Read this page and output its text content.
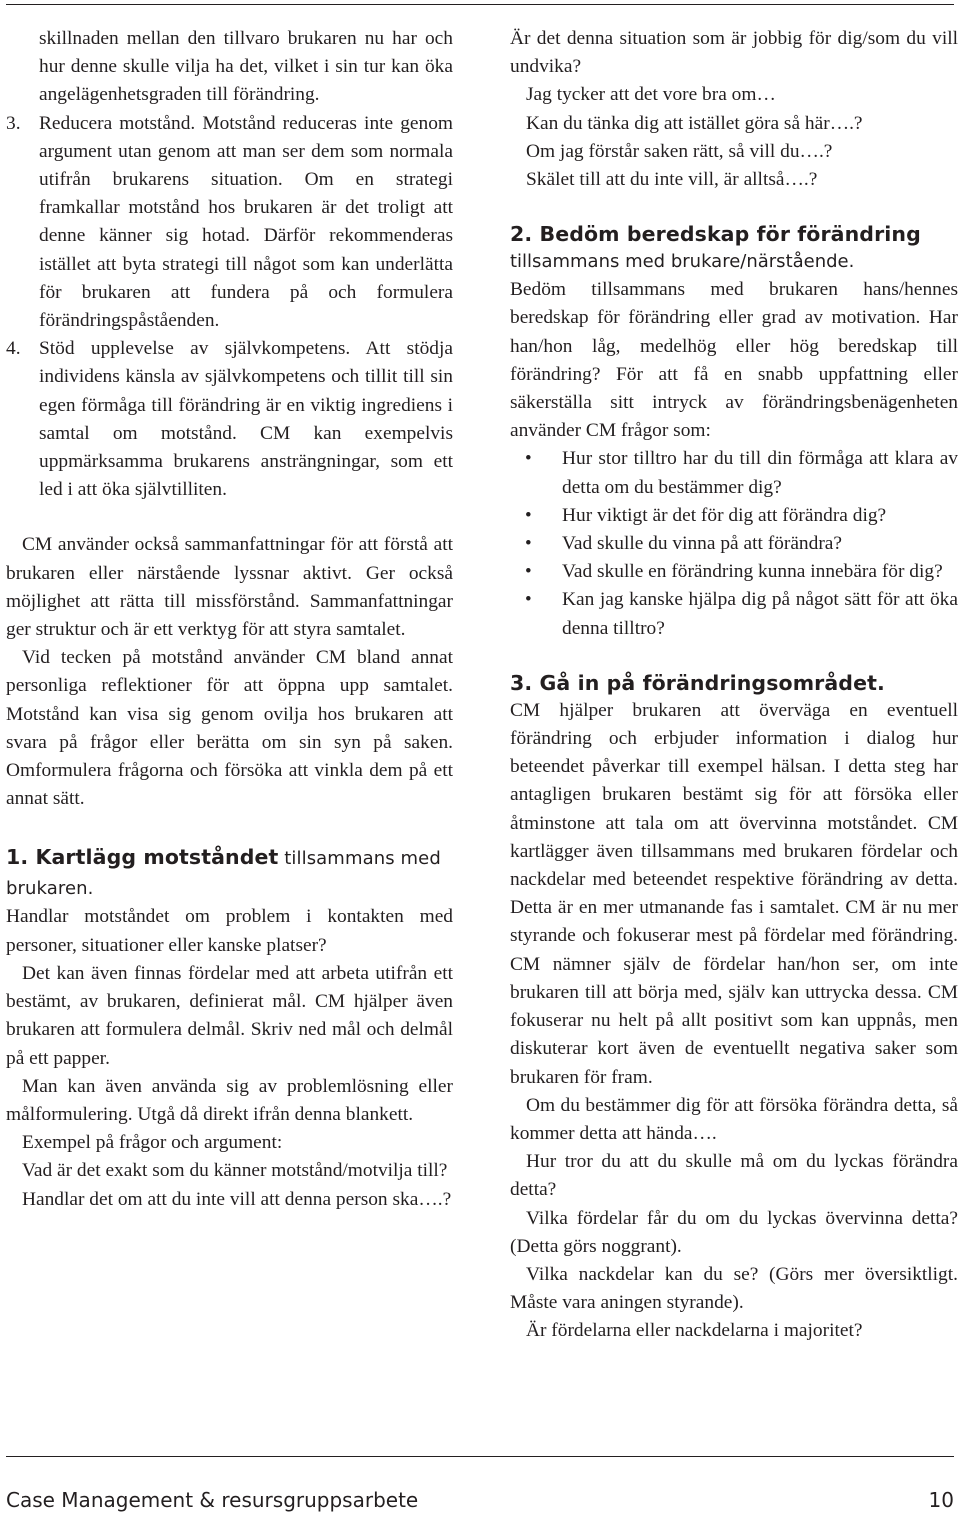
skillnaden mellan den tillvaro brukaren nu har och hur denne skulle vilja ha det, vilket i sin tur kan öka angelägenhetsgraden till förändring.

3. Reducera motstånd. Motstånd reduceras inte genom argument utan genom att man ser dem som normala utifrån brukarens situation. Om en strategi framkallar motstånd hos brukaren är det troligt att denne känner sig hotad. Därför rekommenderas istället att byta strategi till något som kan underlätta för brukaren att fundera på och formulera förändringspåståenden.
4. Stöd upplevelse av självkompetens. Att stödja individens känsla av självkompetens och tillit till sin egen förmåga till förändring är en viktig ingrediens i samtal om motstånd. CM kan exempelvis uppmärksamma brukarens ansträngningar, som ett led i att öka självtilliten.

CM använder också sammanfattningar för att förstå att brukaren eller närstående lyssnar aktivt. Ger också möjlighet att rätta till missförstånd. Sammanfattningar ger struktur och är ett verktyg för att styra samtalet.

Vid tecken på motstånd använder CM bland annat personliga reflektioner för att öppna upp samtalet. Motstånd kan visa sig genom ovilja hos brukaren att svara på frågor eller berätta om sin syn på saken. Omformulera frågorna och försöka att vinkla dem på ett annat sätt.

1. Kartlägg motståndet tillsammans med brukaren.

Handlar motståndet om problem i kontakten med personer, situationer eller kanske platser?

Det kan även finnas fördelar med att arbeta utifrån ett bestämt, av brukaren, definierat mål. CM hjälper även brukaren att formulera delmål. Skriv ned mål och delmål på ett papper.

Man kan även använda sig av problemlösning eller målformulering. Utgå då direkt ifrån denna blankett.

Exempel på frågor och argument:

Vad är det exakt som du känner motstånd/motvilja till?

Handlar det om att du inte vill att denna person ska….?

Är det denna situation som är jobbig för dig/som du vill undvika?

Jag tycker att det vore bra om…

Kan du tänka dig att istället göra så här….?

Om jag förstår saken rätt, så vill du….?

Skälet till att du inte vill, är alltså….?

2. Bedöm beredskap för förändring
tillsammans med brukare/närstående.

Bedöm tillsammans med brukaren hans/hennes beredskap för förändring eller grad av motivation. Har han/hon låg, medelhög eller hög beredskap till förändring? För att få en snabb uppfattning eller säkerställa sitt intryck av förändringsbenägenheten använder CM frågor som:

• Hur stor tilltro har du till din förmåga att klara av detta om du bestämmer dig?
• Hur viktigt är det för dig att förändra dig?
• Vad skulle du vinna på att förändra?
• Vad skulle en förändring kunna innebära för dig?
• Kan jag kanske hjälpa dig på något sätt för att öka denna tilltro?
3. Gå in på förändringsområdet.

CM hjälper brukaren att överväga en eventuell förändring och erbjuder information i dialog hur beteendet påverkar till exempel hälsan. I detta steg har antagligen brukaren bestämt sig för att försöka eller åtminstone att tala om att övervinna motståndet. CM kartlägger även tillsammans med brukaren fördelar och nackdelar med beteendet respektive förändring av detta. Detta är en mer utmanande fas i samtalet. CM är nu mer styrande och fokuserar mest på fördelar med förändring. CM nämner själv de fördelar han/hon ser, om inte brukaren till att börja med, själv kan uttrycka dessa. CM fokuserar nu helt på allt positivt som kan uppnås, men diskuterar kort även de eventuellt negativa saker som brukaren för fram.

Om du bestämmer dig för att försöka förändra detta, så kommer detta att hända….

Hur tror du att du skulle må om du lyckas förändra detta?

Vilka fördelar får du om du lyckas övervinna detta? (Detta görs noggrant).

Vilka nackdelar kan du se? (Görs mer översiktligt. Måste vara aningen styrande).

Är fördelarna eller nackdelarna i majoritet?

Case Management & resursgruppsarbete	10
